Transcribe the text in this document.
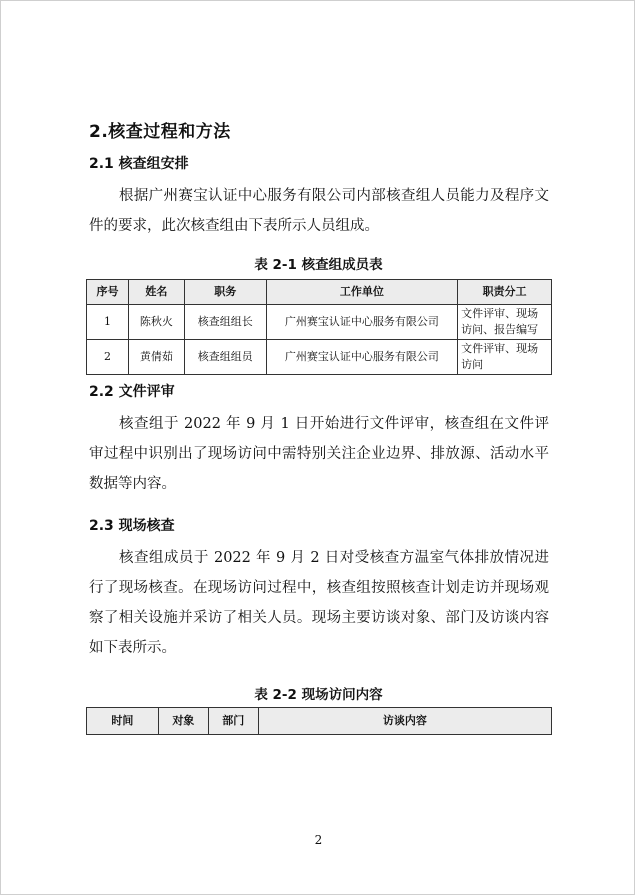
2.核查过程和方法
2.1 核查组安排
根据广州赛宝认证中心服务有限公司内部核查组人员能力及程序文件的要求，此次核查组由下表所示人员组成。
表 2-1 核查组成员表
序号	姓名	职务	工作单位	职责分工
1	陈秋火	核查组组长	广州赛宝认证中心服务有限公司	文件评审、现场访问、报告编写
2	黄倩茹	核查组组员	广州赛宝认证中心服务有限公司	文件评审、现场访问
2.2 文件评审
核查组于 2022 年 9 月 1 日开始进行文件评审，核查组在文件评审过程中识别出了现场访问中需特别关注企业边界、排放源、活动水平数据等内容。
2.3 现场核查
核查组成员于 2022 年 9 月 2 日对受核查方温室气体排放情况进行了现场核查。在现场访问过程中，核查组按照核查计划走访并现场观察了相关设施并采访了相关人员。现场主要访谈对象、部门及访谈内容如下表所示。
表 2-2 现场访问内容
时间	对象	部门	访谈内容
2
